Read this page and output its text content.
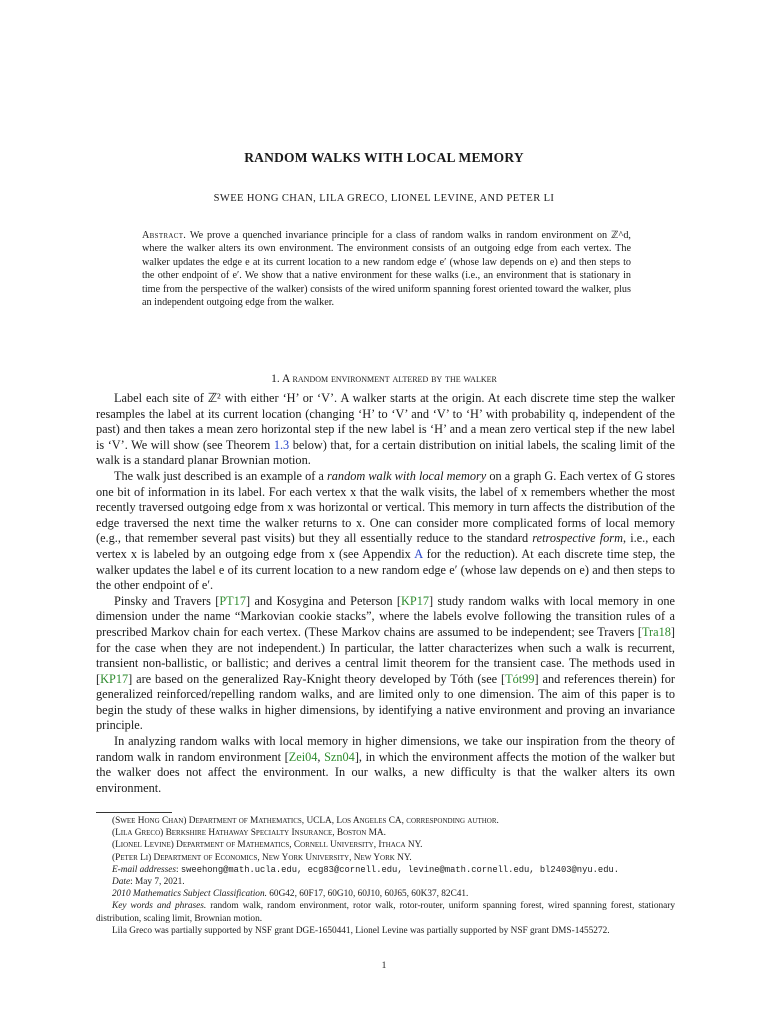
RANDOM WALKS WITH LOCAL MEMORY
SWEE HONG CHAN, LILA GRECO, LIONEL LEVINE, AND PETER LI
Abstract. We prove a quenched invariance principle for a class of random walks in random environment on ℤ^d, where the walker alters its own environment. The environment consists of an outgoing edge from each vertex. The walker updates the edge e at its current location to a new random edge e′ (whose law depends on e) and then steps to the other endpoint of e′. We show that a native environment for these walks (i.e., an environment that is stationary in time from the perspective of the walker) consists of the wired uniform spanning forest oriented toward the walker, plus an independent outgoing edge from the walker.
1. A random environment altered by the walker

Label each site of ℤ² with either ‘H’ or ‘V’. A walker starts at the origin. At each discrete time step the walker resamples the label at its current location (changing ‘H’ to ‘V’ and ‘V’ to ‘H’ with probability q, independent of the past) and then takes a mean zero horizontal step if the new label is ‘H’ and a mean zero vertical step if the new label is ‘V’. We will show (see Theorem 1.3 below) that, for a certain distribution on initial labels, the scaling limit of the walk is a standard planar Brownian motion.

The walk just described is an example of a random walk with local memory on a graph G. Each vertex of G stores one bit of information in its label. For each vertex x that the walk visits, the label of x remembers whether the most recently traversed outgoing edge from x was horizontal or vertical. This memory in turn affects the distribution of the edge traversed the next time the walker returns to x. One can consider more complicated forms of local memory (e.g., that remember several past visits) but they all essentially reduce to the standard retrospective form, i.e., each vertex x is labeled by an outgoing edge from x (see Appendix A for the reduction). At each discrete time step, the walker updates the label e of its current location to a new random edge e′ (whose law depends on e) and then steps to the other endpoint of e′.

Pinsky and Travers [PT17] and Kosygina and Peterson [KP17] study random walks with local memory in one dimension under the name “Markovian cookie stacks”, where the labels evolve following the transition rules of a prescribed Markov chain for each vertex. (These Markov chains are assumed to be independent; see Travers [Tra18] for the case when they are not independent.) In particular, the latter characterizes when such a walk is recurrent, transient non-ballistic, or ballistic; and derives a central limit theorem for the transient case. The methods used in [KP17] are based on the generalized Ray-Knight theory developed by Tóth (see [Tót99] and references therein) for generalized reinforced/repelling random walks, and are limited only to one dimension. The aim of this paper is to begin the study of these walks in higher dimensions, by identifying a native environment and proving an invariance principle.

In analyzing random walks with local memory in higher dimensions, we take our inspiration from the theory of random walk in random environment [Zei04, Szn04], in which the environment affects the motion of the walker but the walker does not affect the environment. In our walks, a new difficulty is that the walker alters its own environment.

(Swee Hong Chan) Department of Mathematics, UCLA, Los Angeles CA, corresponding author.

(Lila Greco) Berkshire Hathaway Specialty Insurance, Boston MA.

(Lionel Levine) Department of Mathematics, Cornell University, Ithaca NY.

(Peter Li) Department of Economics, New York University, New York NY.

E-mail addresses: sweehong@math.ucla.edu, ecg83@cornell.edu, levine@math.cornell.edu, bl2403@nyu.edu.

Date: May 7, 2021.

2010 Mathematics Subject Classification. 60G42, 60F17, 60G10, 60J10, 60J65, 60K37, 82C41.

Key words and phrases. random walk, random environment, rotor walk, rotor-router, uniform spanning forest, wired spanning forest, stationary distribution, scaling limit, Brownian motion.

Lila Greco was partially supported by NSF grant DGE-1650441, Lionel Levine was partially supported by NSF grant DMS-1455272.

1
